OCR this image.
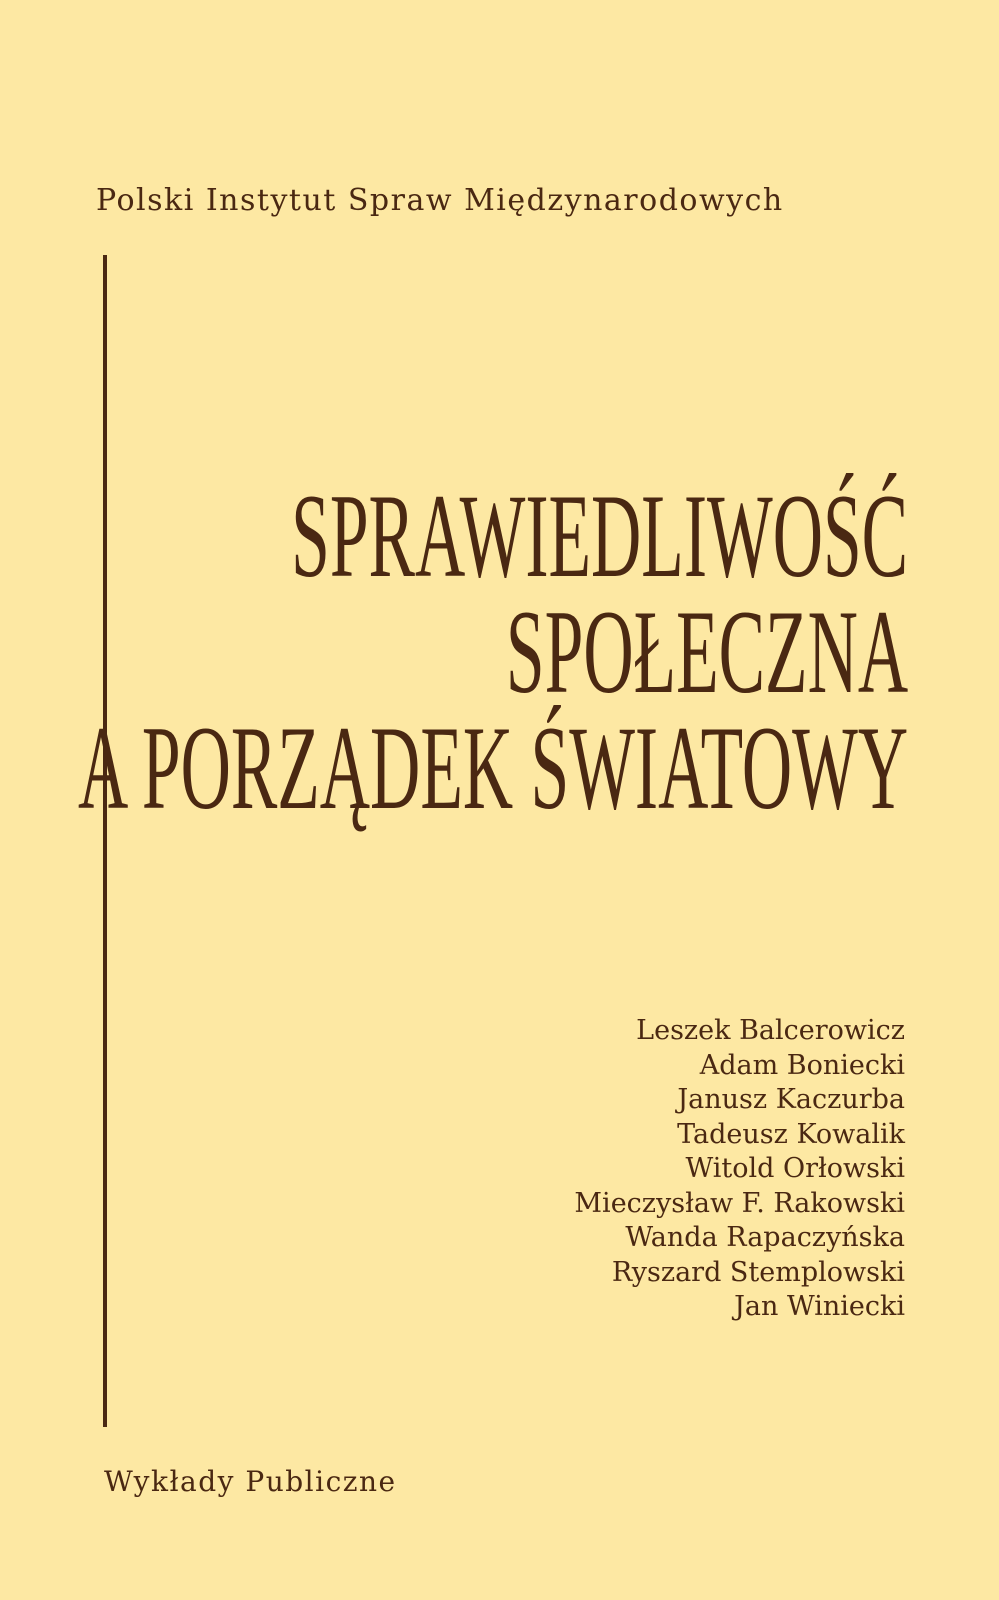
Polski Instytut Spraw Międzynarodowych
SPRAWIEDLIWOŚĆ
SPOŁECZNA
A PORZĄDEK ŚWIATOWY
Leszek Balcerowicz
Adam Boniecki
Janusz Kaczurba
Tadeusz Kowalik
Witold Orłowski
Mieczysław F. Rakowski
Wanda Rapaczyńska
Ryszard Stemplowski
Jan Winiecki
Wykłady Publiczne
